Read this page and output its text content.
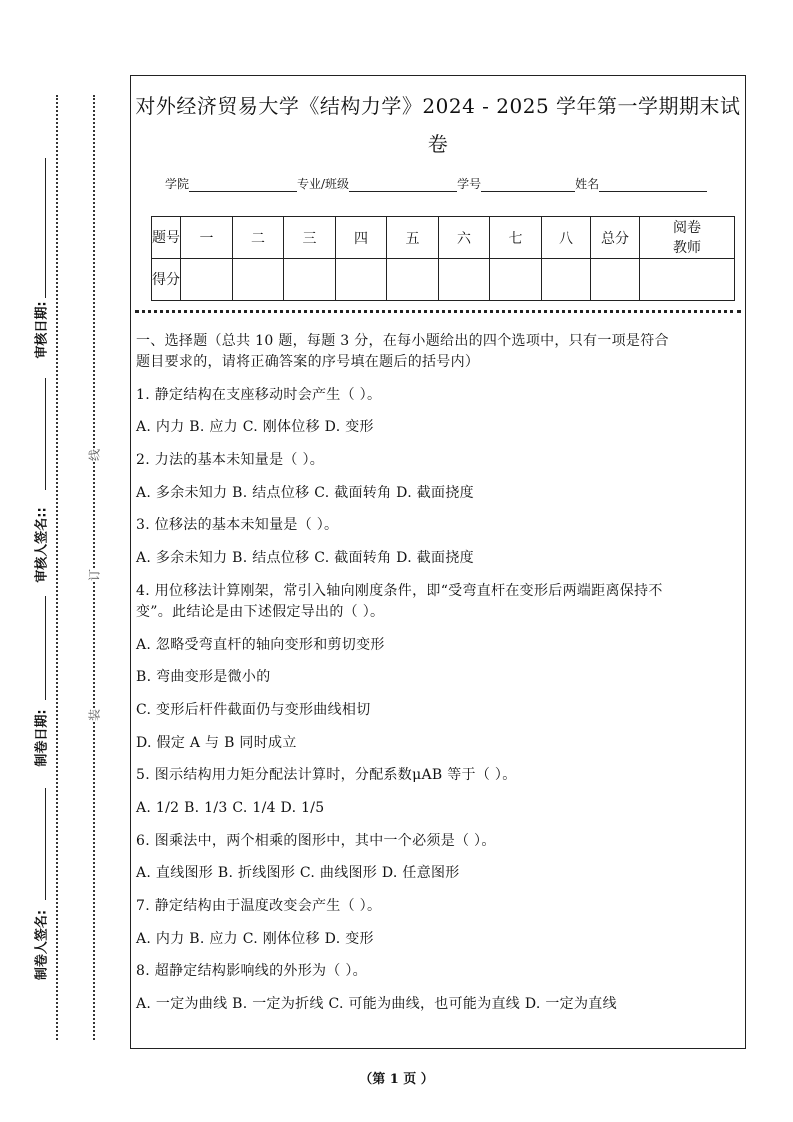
审核日期:
审核人签名::
制卷日期:
制卷人签名:
线
订
装
对外经济贸易大学《结构力学》2024 - 2025 学年第一学期期末试
卷
学院	专业/班级	学号	姓名
题号	一	二	三	四	五	六	七	八	总分	阅卷教师
得分										
一、选择题（总共 10 题，每题 3 分，在每小题给出的四个选项中，只有一项是符合
题目要求的，请将正确答案的序号填在题后的括号内）
1. 静定结构在支座移动时会产生（ ）。
A. 内力 B. 应力 C. 刚体位移 D. 变形
2. 力法的基本未知量是（ ）。
A. 多余未知力 B. 结点位移 C. 截面转角 D. 截面挠度
3. 位移法的基本未知量是（ ）。
A. 多余未知力 B. 结点位移 C. 截面转角 D. 截面挠度
4. 用位移法计算刚架，常引入轴向刚度条件，即“受弯直杆在变形后两端距离保持不
变”。此结论是由下述假定导出的（ ）。
A. 忽略受弯直杆的轴向变形和剪切变形
B. 弯曲变形是微小的
C. 变形后杆件截面仍与变形曲线相切
D. 假定 A 与 B 同时成立
5. 图示结构用力矩分配法计算时，分配系数μAB 等于（ ）。
A. 1/2 B. 1/3 C. 1/4 D. 1/5
6. 图乘法中，两个相乘的图形中，其中一个必须是（ ）。
A. 直线图形 B. 折线图形 C. 曲线图形 D. 任意图形
7. 静定结构由于温度改变会产生（ ）。
A. 内力 B. 应力 C. 刚体位移 D. 变形
8. 超静定结构影响线的外形为（ ）。
A. 一定为曲线 B. 一定为折线 C. 可能为曲线，也可能为直线 D. 一定为直线
（第 1 页 ）
